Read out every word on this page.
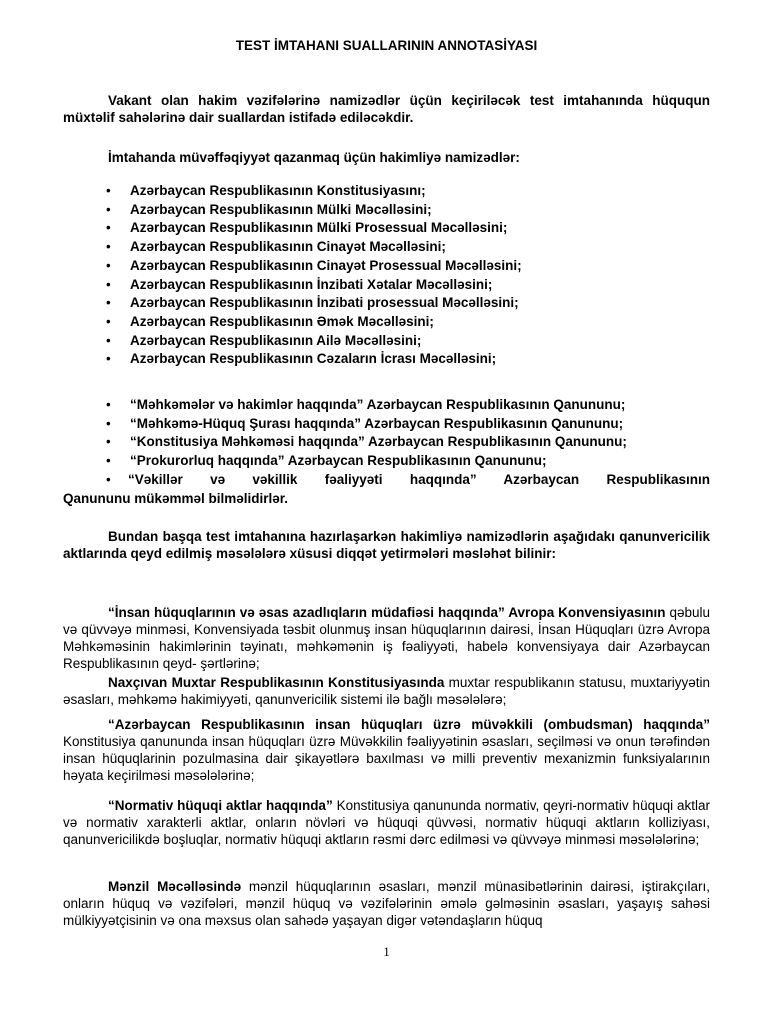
TEST İMTAHANI SUALLARININ ANNOTASİYASI
Vakant olan hakim vəzifələrinə namizədlər üçün keçiriləcək test imtahanında hüququn müxtəlif sahələrinə dair suallardan istifadə ediləcəkdir.
İmtahanda müvəffəqiyyət qazanmaq üçün hakimliyə namizədlər:
• Azərbaycan Respublikasının Konstitusiyasını;
• Azərbaycan Respublikasının Mülki Məcəlləsini;
• Azərbaycan Respublikasının Mülki Prosessual Məcəlləsini;
• Azərbaycan Respublikasının Cinayət Məcəlləsini;
• Azərbaycan Respublikasının Cinayət Prosessual Məcəlləsini;
• Azərbaycan Respublikasının İnzibati Xətalar Məcəlləsini;
• Azərbaycan Respublikasının İnzibati prosessual Məcəlləsini;
• Azərbaycan Respublikasının Əmək Məcəlləsini;
• Azərbaycan Respublikasının Ailə Məcəlləsini;
• Azərbaycan Respublikasının Cəzaların İcrası Məcəlləsini;
• “Məhkəmələr və hakimlər haqqında” Azərbaycan Respublikasının Qanununu;
• “Məhkəmə-Hüquq Şurası haqqında” Azərbaycan Respublikasının Qanununu;
• “Konstitusiya Məhkəməsi haqqında” Azərbaycan Respublikasının Qanununu;
• “Prokurorluq haqqında” Azərbaycan Respublikasının Qanununu;
• “Vəkillər və vəkillik fəaliyyəti haqqında” Azərbaycan Respublikasının
Qanununu mükəmməl bilməlidirlər.
Bundan başqa test imtahanına hazırlaşarkən hakimliyə namizədlərin aşağıdakı qanunvericilik aktlarında qeyd edilmiş məsələlərə xüsusi diqqət yetirmələri məsləhət bilinir:
“İnsan hüquqlarının və əsas azadlıqların müdafiəsi haqqında” Avropa Konvensiyasının qəbulu və qüvvəyə minməsi, Konvensiyada təsbit olunmuş insan hüquqlarının dairəsi, İnsan Hüquqları üzrə Avropa Məhkəməsinin hakimlərinin təyinatı, məhkəmənin iş fəaliyyəti, habelə konvensiyaya dair Azərbaycan Respublikasının qeyd- şərtlərinə;
Naxçıvan Muxtar Respublikasının Konstitusiyasında muxtar respublikanın statusu, muxtariyyətin əsasları, məhkəmə hakimiyyəti, qanunvericilik sistemi ilə bağlı məsələlərə;
“Azərbaycan Respublikasının insan hüquqları üzrə müvəkkili (ombudsman) haqqında” Konstitusiya qanununda insan hüquqları üzrə Müvəkkilin fəaliyyətinin əsasları, seçilməsi və onun tərəfindən insan hüquqlarinin pozulmasina dair şikayətlərə baxılması və milli preventiv mexanizmin funksiyalarının həyata keçirilməsi məsələlərinə;
“Normativ hüquqi aktlar haqqında” Konstitusiya qanununda normativ, qeyri-normativ hüquqi aktlar və normativ xarakterli aktlar, onların növləri və hüquqi qüvvəsi, normativ hüquqi aktların kolliziyası, qanunvericilikdə boşluqlar, normativ hüquqi aktların rəsmi dərc edilməsi və qüvvəyə minməsi məsələlərinə;
Mənzil Məcəlləsində mənzil hüquqlarının əsasları, mənzil münasibətlərinin dairəsi, iştirakçıları, onların hüquq və vəzifələri, mənzil hüquq və vəzifələrinin əmələ gəlməsinin əsasları, yaşayış sahəsi mülkiyyətçisinin və ona məxsus olan sahədə yaşayan digər vətəndaşların hüquq
1
